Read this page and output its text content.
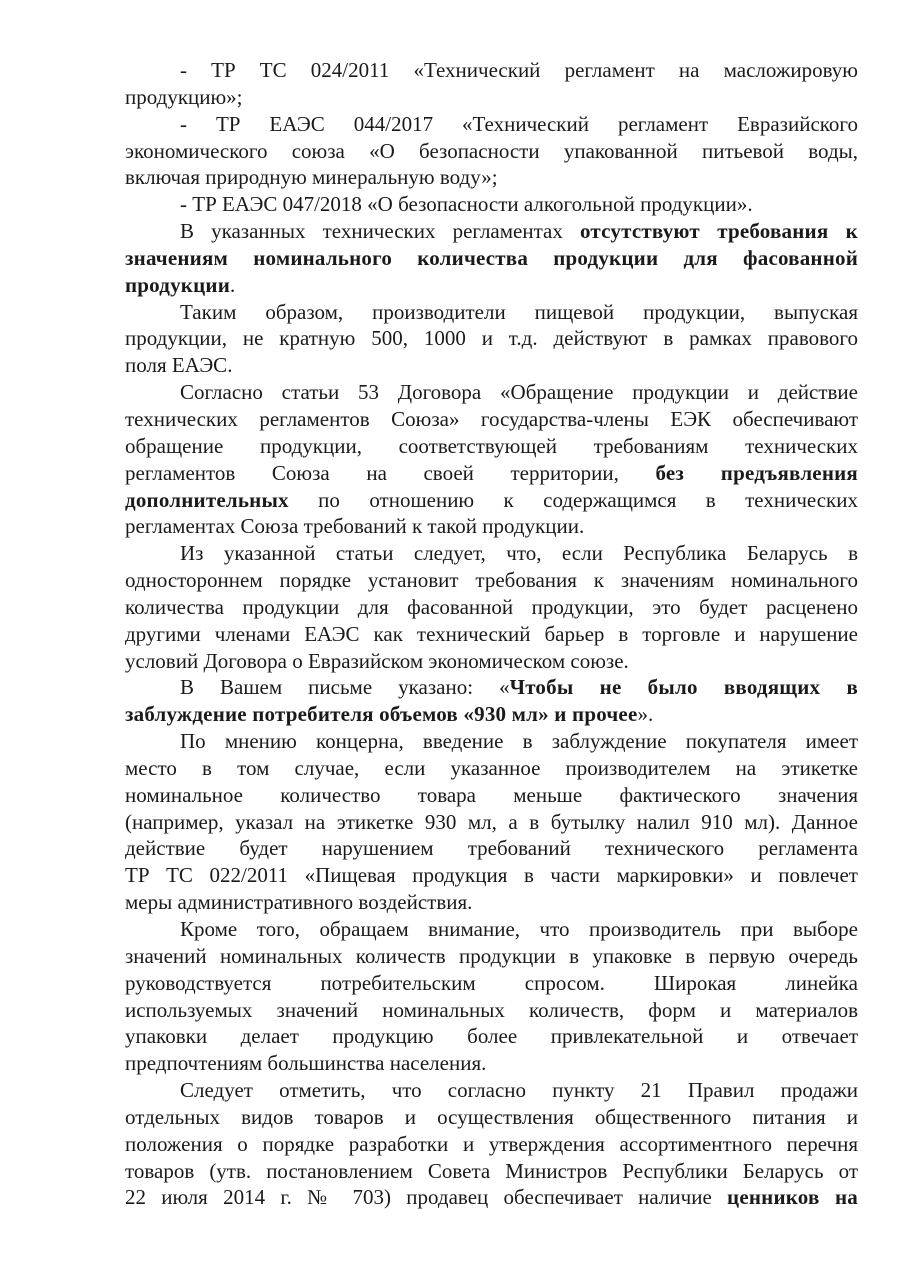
- ТР ТС 024/2011 «Технический регламент на масложировую
продукцию»;
- ТР ЕАЭС 044/2017 «Технический регламент Евразийского
экономического союза «О безопасности упакованной питьевой воды,
включая природную минеральную воду»;
- ТР ЕАЭС 047/2018 «О безопасности алкогольной продукции».
В указанных технических регламентах отсутствуют требования к
значениям номинального количества продукции для фасованной
продукции.
Таким образом, производители пищевой продукции, выпуская
продукции, не кратную 500, 1000 и т.д. действуют в рамках правового
поля ЕАЭС.
Согласно статьи 53 Договора «Обращение продукции и действие
технических регламентов Союза» государства-члены ЕЭК обеспечивают
обращение продукции, соответствующей требованиям технических
регламентов Союза на своей территории, без предъявления
дополнительных по отношению к содержащимся в технических
регламентах Союза требований к такой продукции.
Из указанной статьи следует, что, если Республика Беларусь в
одностороннем порядке установит требования к значениям номинального
количества продукции для фасованной продукции, это будет расценено
другими членами ЕАЭС как технический барьер в торговле и нарушение
условий Договора о Евразийском экономическом союзе.
В Вашем письме указано: «Чтобы не было вводящих в
заблуждение потребителя объемов «930 мл» и прочее».
По мнению концерна, введение в заблуждение покупателя имеет
место в том случае, если указанное производителем на этикетке
номинальное количество товара меньше фактического значения
(например, указал на этикетке 930 мл, а в бутылку налил 910 мл). Данное
действие будет нарушением требований технического регламента
ТР ТС 022/2011 «Пищевая продукция в части маркировки» и повлечет
меры административного воздействия.
Кроме того, обращаем внимание, что производитель при выборе
значений номинальных количеств продукции в упаковке в первую очередь
руководствуется потребительским спросом. Широкая линейка
используемых значений номинальных количеств, форм и материалов
упаковки делает продукцию более привлекательной и отвечает
предпочтениям большинства населения.
Следует отметить, что согласно пункту 21 Правил продажи
отдельных видов товаров и осуществления общественного питания и
положения о порядке разработки и утверждения ассортиментного перечня
товаров (утв. постановлением Совета Министров Республики Беларусь от
22 июля 2014 г. № 703) продавец обеспечивает наличие ценников на
